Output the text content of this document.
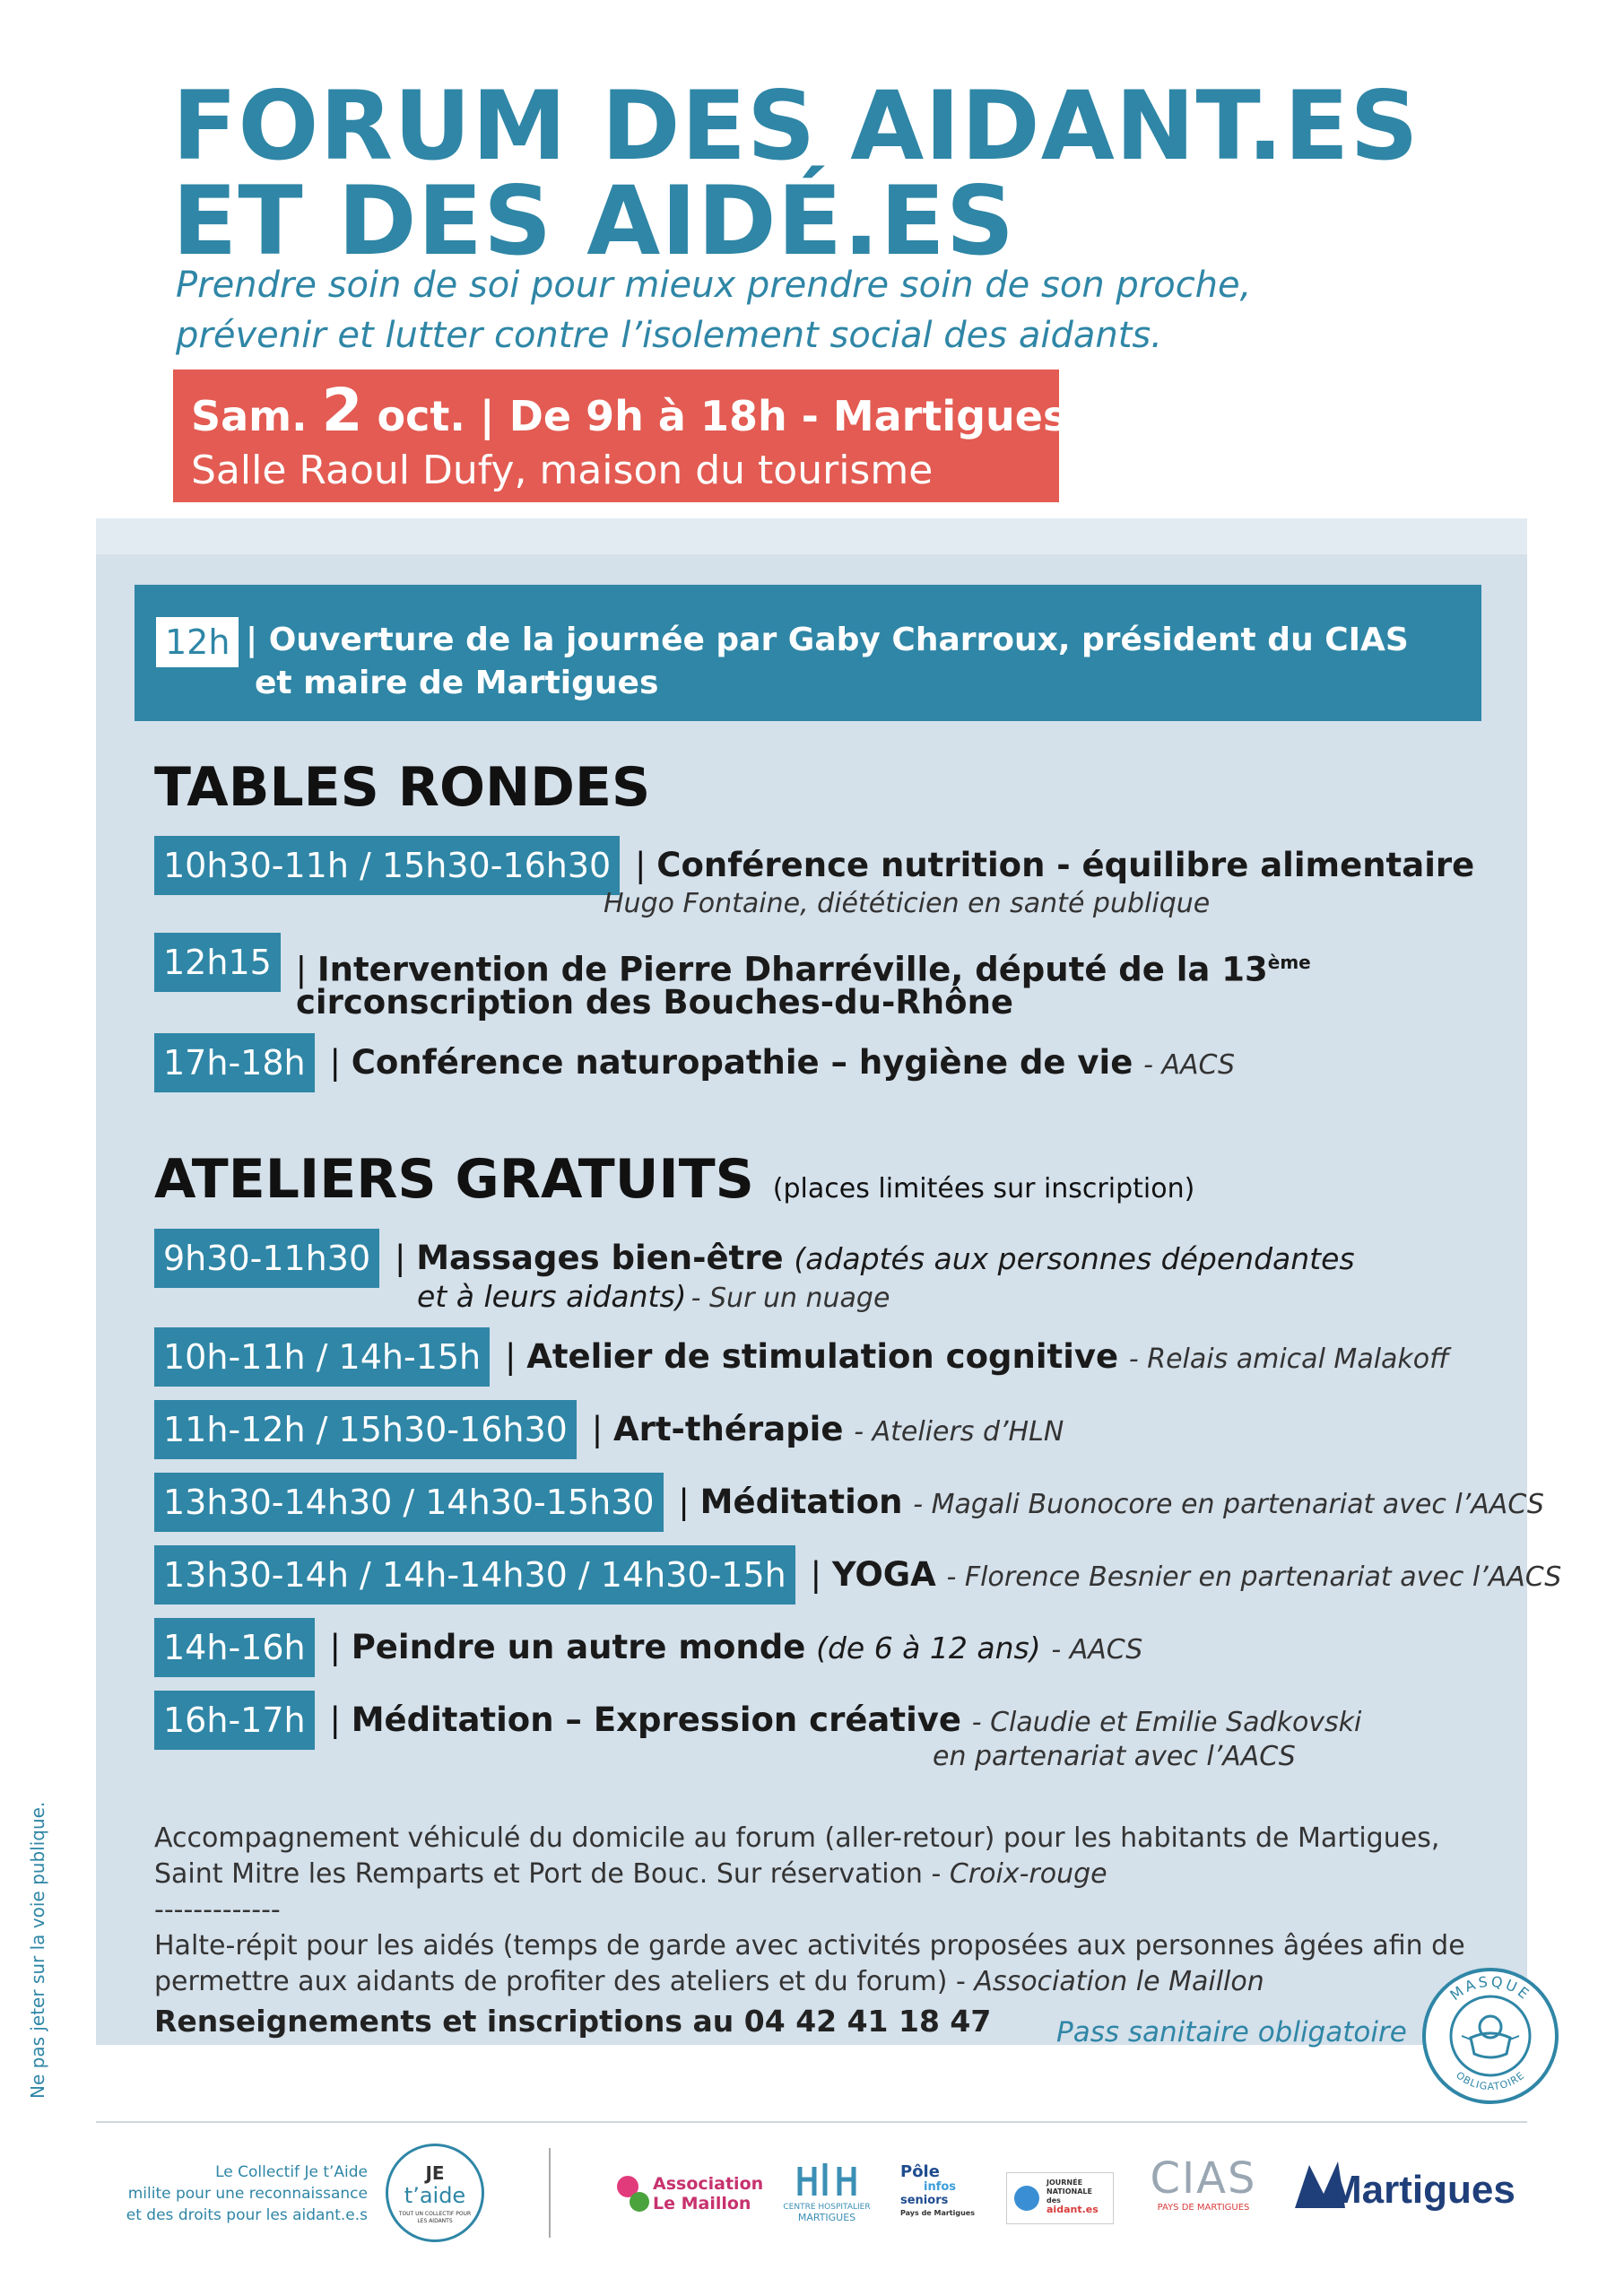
FORUM DES AIDANT.ES
ET DES AIDÉ.ES
Prendre soin de soi pour mieux prendre soin de son proche,
prévenir et lutter contre l’isolement social des aidants.
Sam. 2 oct. | De 9h à 18h - Martigues
Salle Raoul Dufy, maison du tourisme
12h | Ouverture de la journée par Gaby Charroux, président du CIAS
et maire de Martigues
TABLES RONDES
10h30-11h / 15h30-16h30  | Conférence nutrition - équilibre alimentaire
Hugo Fontaine, diététicien en santé publique
12h15  | Intervention de Pierre Dharréville, député de la 13ème
circonscription des Bouches-du-Rhône
17h-18h  | Conférence naturopathie – hygiène de vie - AACS
ATELIERS GRATUITS (places limitées sur inscription)
9h30-11h30  | Massages bien-être (adaptés aux personnes dépendantes
et à leurs aidants) - Sur un nuage
10h-11h / 14h-15h  | Atelier de stimulation cognitive - Relais amical Malakoff
11h-12h / 15h30-16h30  | Art-thérapie - Ateliers d’HLN
13h30-14h30 / 14h30-15h30  | Méditation - Magali Buonocore en partenariat avec l’AACS
13h30-14h / 14h-14h30 / 14h30-15h  | YOGA - Florence Besnier en partenariat avec l’AACS
14h-16h  | Peindre un autre monde (de 6 à 12 ans) - AACS
16h-17h  | Méditation – Expression créative - Claudie et Emilie Sadkovski
en partenariat avec l’AACS
Accompagnement véhiculé du domicile au forum (aller-retour) pour les habitants de Martigues,
Saint Mitre les Remparts et Port de Bouc. Sur réservation - Croix-rouge
-------------
Halte-répit pour les aidés (temps de garde avec activités proposées aux personnes âgées afin de
permettre aux aidants de profiter des ateliers et du forum) - Association le Maillon
Renseignements et inscriptions au 04 42 41 18 47 Pass sanitaire obligatoire
MASQUE
OBLIGATOIRE
Ne pas jeter sur la voie publique.
Le Collectif Je t’Aide
milite pour une reconnaissance
et des droits pour les aidant.e.s
JE
t’aide
TOUT UN COLLECTIF POUR LES AIDANTS
Association
Le Maillon	CENTRE HOSPITALIER
MARTIGUES
Pôle
infos
seniors
Pays de Martigues
JOURNÉE
NATIONALE
des
aidant.es
CIAS
PAYS DE MARTIGUES	Martigues
